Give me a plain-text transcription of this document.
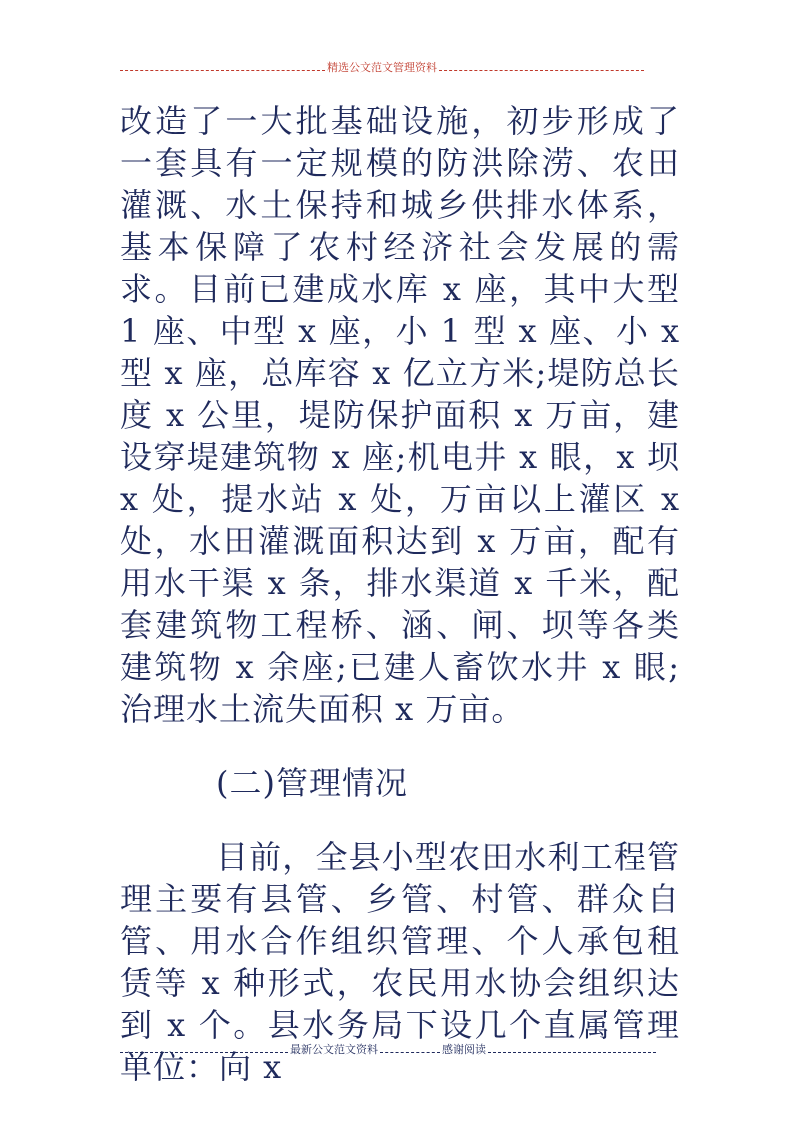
精选公文范文管理资料

改造了一大批基础设施，初步形成了一套具有一定规模的防洪除涝、农田灌溉、水土保持和城乡供排水体系，基本保障了农村经济社会发展的需求。目前已建成水库 x 座，其中大型 1 座、中型 x 座，小 1 型 x 座、小 x 型 x 座，总库容 x 亿立方米;堤防总长度 x 公里，堤防保护面积 x 万亩，建设穿堤建筑物 x 座;机电井 x 眼，x 坝 x 处，提水站 x 处，万亩以上灌区 x 处，水田灌溉面积达到 x 万亩，配有用水干渠 x 条，排水渠道 x 千米，配套建筑物工程桥、涵、闸、坝等各类建筑物 x 余座;已建人畜饮水井 x 眼;治理水土流失面积 x 万亩。

(二)管理情况

目前，全县小型农田水利工程管理主要有县管、乡管、村管、群众自管、用水合作组织管理、个人承包租赁等 x 种形式，农民用水协会组织达到 x 个。县水务局下设几个直属管理单位：向 x 最新公文范文资料	感谢阅读
